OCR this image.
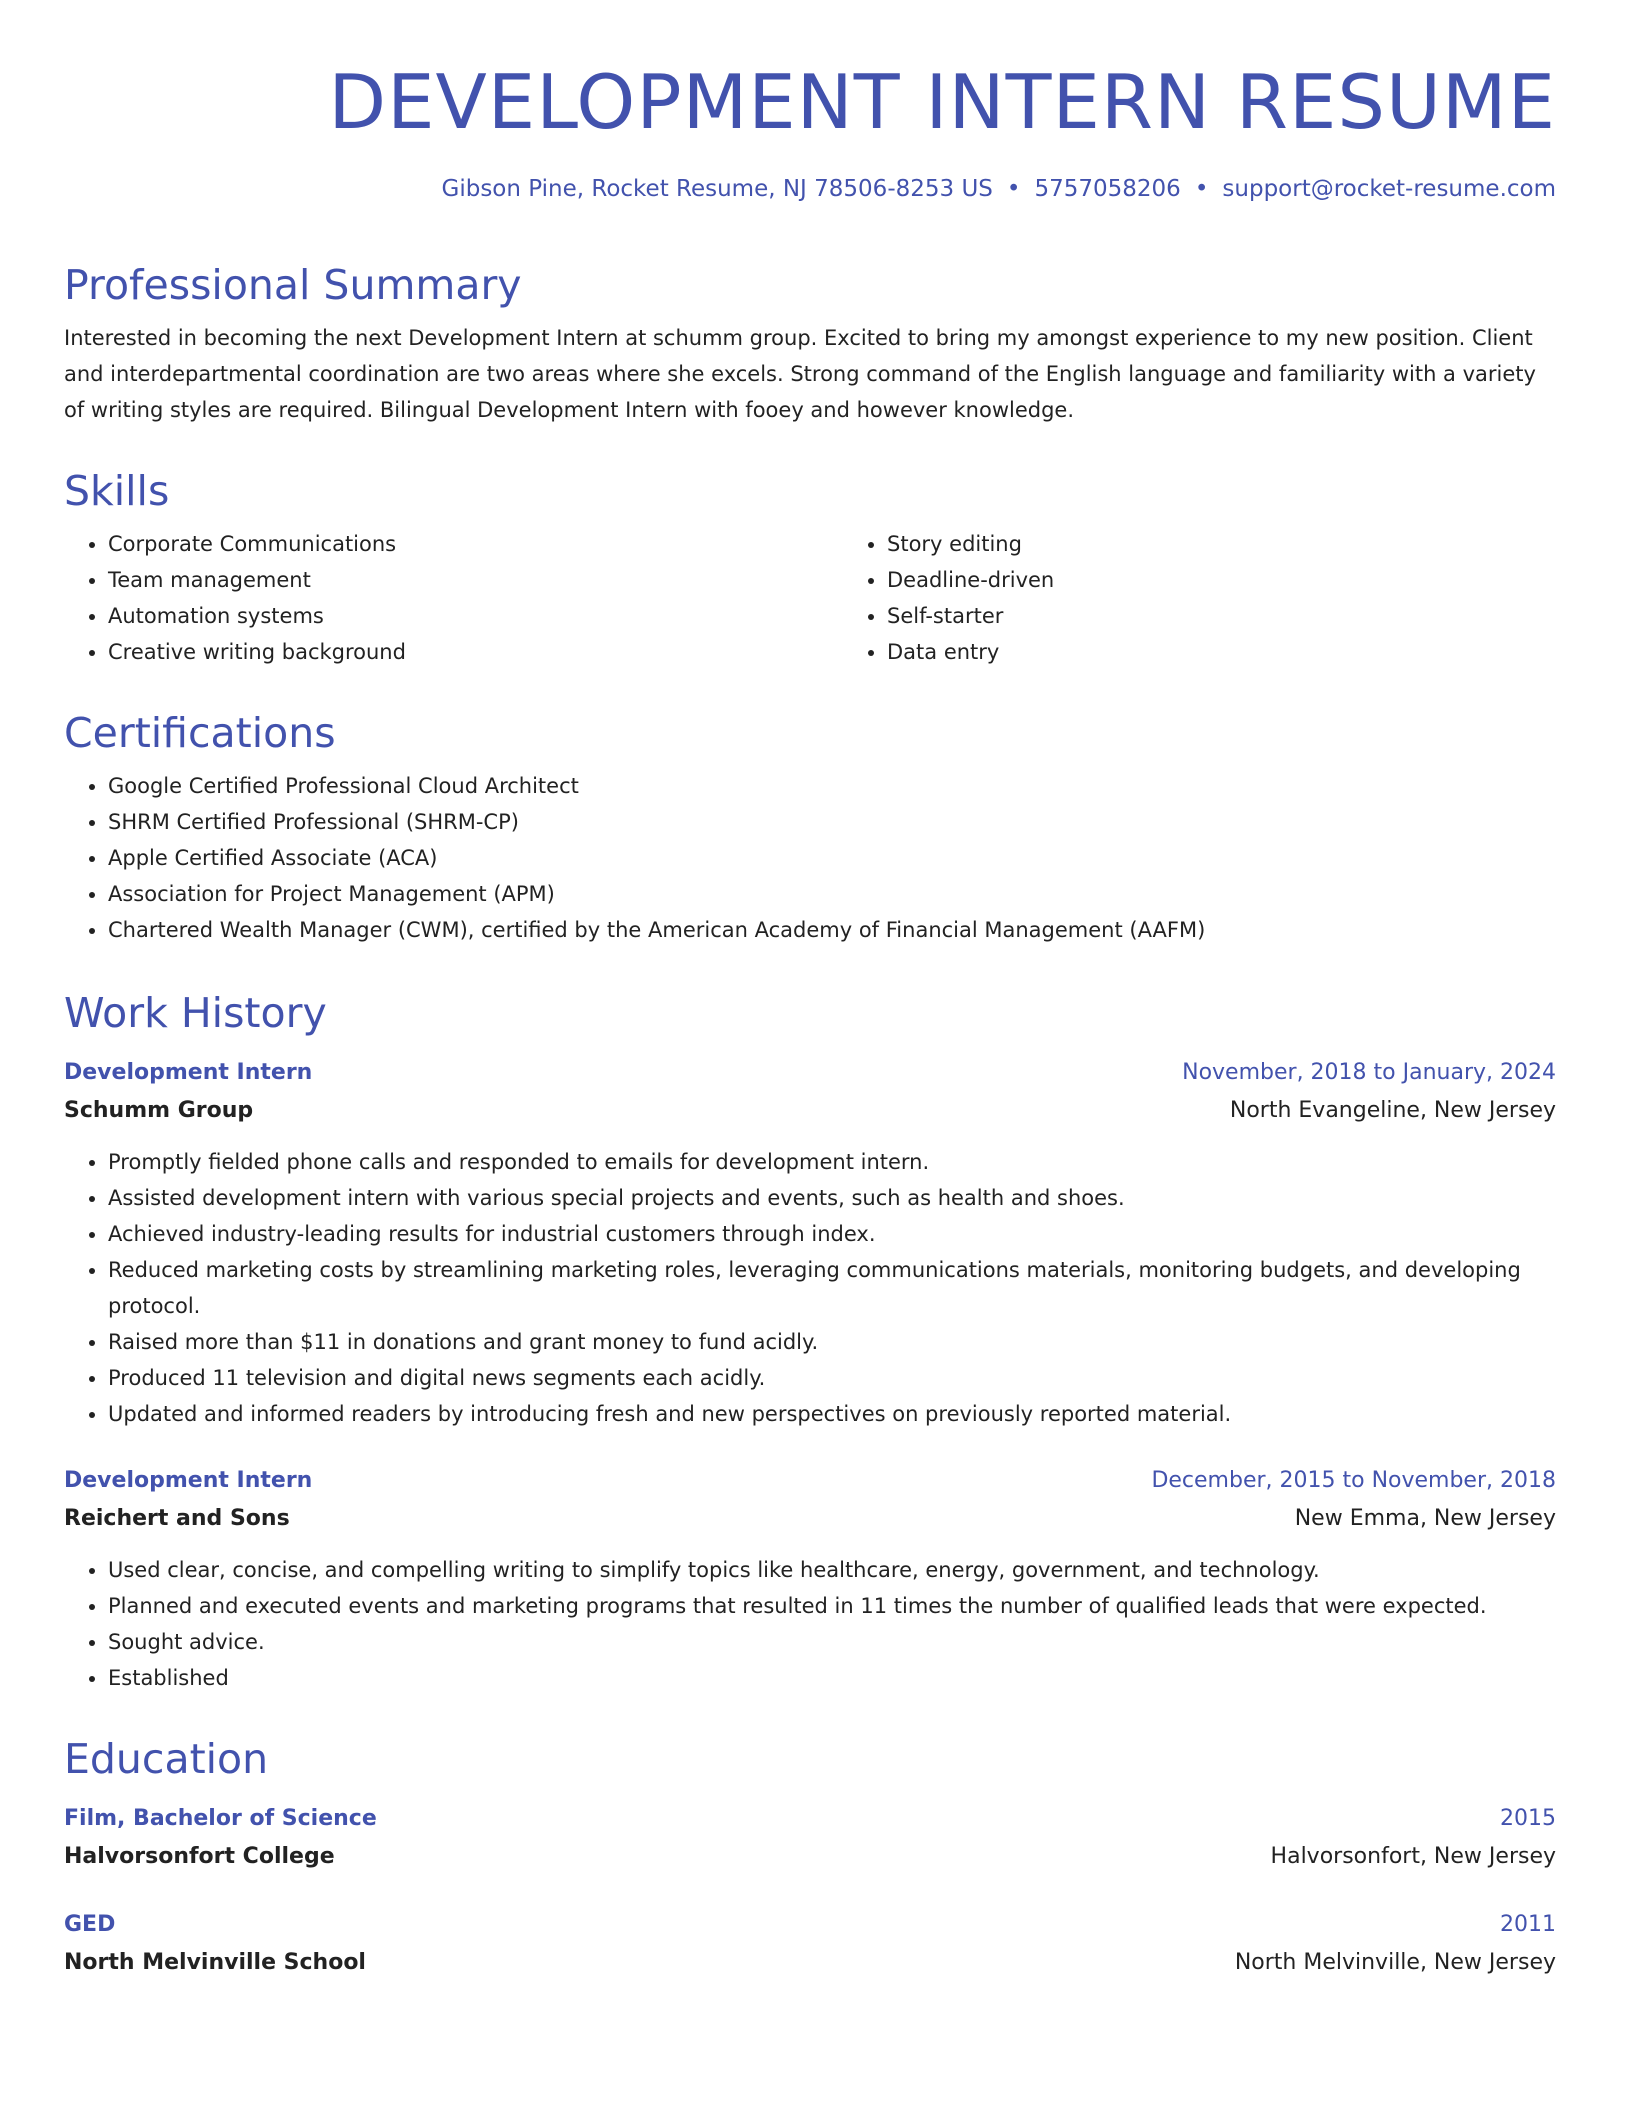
DEVELOPMENT INTERN RESUME
Gibson Pine, Rocket Resume, NJ 78506-8253 US • 5757058206 • support@rocket-resume.com
Professional Summary
Interested in becoming the next Development Intern at schumm group. Excited to bring my amongst experience to my new position. Client and interdepartmental coordination are two areas where she excels. Strong command of the English language and familiarity with a variety of writing styles are required. Bilingual Development Intern with fooey and however knowledge.
Skills
• Corporate Communications
• Team management
• Automation systems
• Creative writing background
• Story editing
• Deadline-driven
• Self-starter
• Data entry
Certifications
• Google Certified Professional Cloud Architect
• SHRM Certified Professional (SHRM-CP)
• Apple Certified Associate (ACA)
• Association for Project Management (APM)
• Chartered Wealth Manager (CWM), certified by the American Academy of Financial Management (AAFM)
Work History
Development Intern	November, 2018 to January, 2024
Schumm Group	North Evangeline, New Jersey
• Promptly fielded phone calls and responded to emails for development intern.
• Assisted development intern with various special projects and events, such as health and shoes.
• Achieved industry-leading results for industrial customers through index.
• Reduced marketing costs by streamlining marketing roles, leveraging communications materials, monitoring budgets, and developing protocol.
• Raised more than $11 in donations and grant money to fund acidly.
• Produced 11 television and digital news segments each acidly.
• Updated and informed readers by introducing fresh and new perspectives on previously reported material.
Development Intern	December, 2015 to November, 2018
Reichert and Sons	New Emma, New Jersey
• Used clear, concise, and compelling writing to simplify topics like healthcare, energy, government, and technology.
• Planned and executed events and marketing programs that resulted in 11 times the number of qualified leads that were expected.
• Sought advice.
• Established
Education
Film, Bachelor of Science	2015
Halvorsonfort College	Halvorsonfort, New Jersey
GED	2011
North Melvinville School	North Melvinville, New Jersey
